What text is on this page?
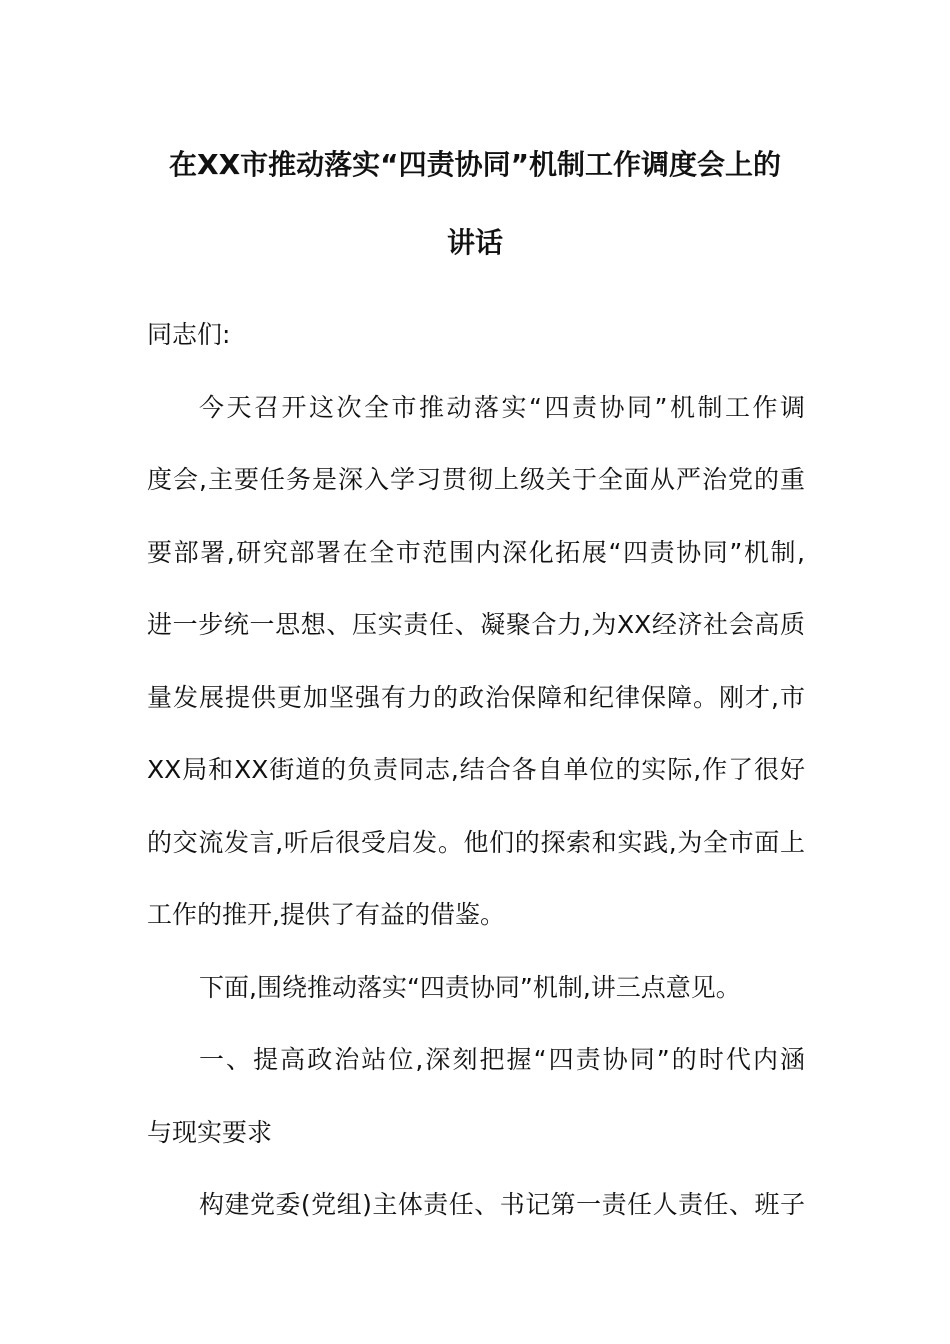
在XX市推动落实“四责协同”机制工作调度会上的
讲话
同志们:
今天召开这次全市推动落实“四责协同”机制工作调
度会,主要任务是深入学习贯彻上级关于全面从严治党的重
要部署,研究部署在全市范围内深化拓展“四责协同”机制,
进一步统一思想、压实责任、凝聚合力,为XX经济社会高质
量发展提供更加坚强有力的政治保障和纪律保障。刚才,市
XX局和XX街道的负责同志,结合各自单位的实际,作了很好
的交流发言,听后很受启发。他们的探索和实践,为全市面上
工作的推开,提供了有益的借鉴。
下面,围绕推动落实“四责协同”机制,讲三点意见。
一、提高政治站位,深刻把握“四责协同”的时代内涵
与现实要求
构建党委(党组)主体责任、书记第一责任人责任、班子
